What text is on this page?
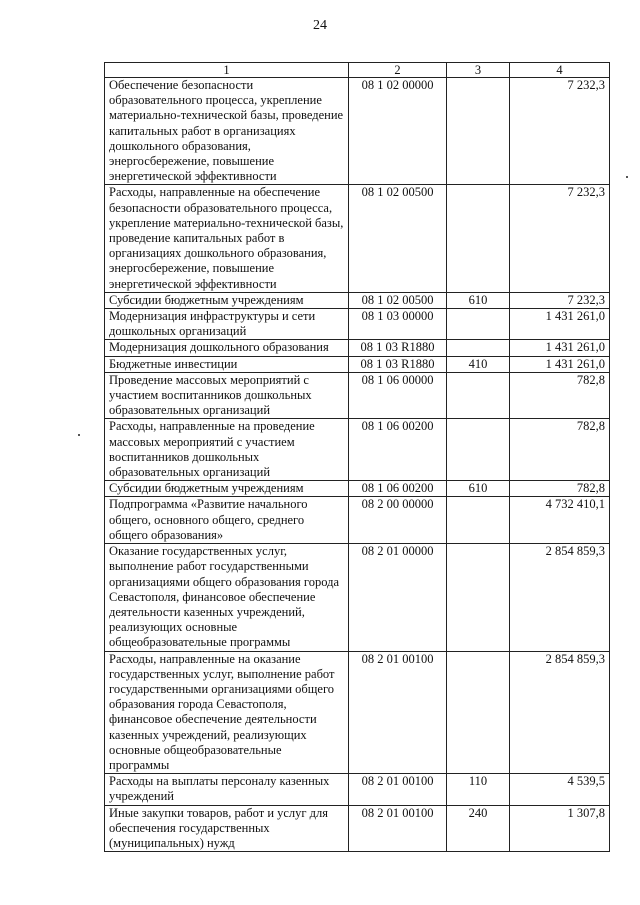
24
1	2	3	4
Обеспечение безопасности образовательного процесса, укрепление материально-технической базы, проведение капитальных работ в организациях дошкольного образования, энергосбережение, повышение энергетической эффективности	08 1 02 00000		7 232,3
Расходы, направленные на обеспечение безопасности образовательного процесса, укрепление материально-технической базы, проведение капитальных работ в организациях дошкольного образования, энергосбережение, повышение энергетической эффективности	08 1 02 00500		7 232,3
Субсидии бюджетным учреждениям	08 1 02 00500	610	7 232,3
Модернизация инфраструктуры и сети дошкольных организаций	08 1 03 00000		1 431 261,0
Модернизация дошкольного образования	08 1 03 R1880		1 431 261,0
Бюджетные инвестиции	08 1 03 R1880	410	1 431 261,0
Проведение массовых мероприятий с участием воспитанников дошкольных образовательных организаций	08 1 06 00000		782,8
Расходы, направленные на проведение массовых мероприятий с участием воспитанников дошкольных образовательных организаций	08 1 06 00200		782,8
Субсидии бюджетным учреждениям	08 1 06 00200	610	782,8
Подпрограмма «Развитие начального общего, основного общего, среднего общего образования»	08 2 00 00000		4 732 410,1
Оказание государственных услуг, выполнение работ государственными организациями общего образования города Севастополя, финансовое обеспечение деятельности казенных учреждений, реализующих основные общеобразовательные программы	08 2 01 00000		2 854 859,3
Расходы, направленные на оказание государственных услуг, выполнение работ государственными организациями общего образования города Севастополя, финансовое обеспечение деятельности казенных учреждений, реализующих основные общеобразовательные программы	08 2 01 00100		2 854 859,3
Расходы на выплаты персоналу казенных учреждений	08 2 01 00100	110	4 539,5
Иные закупки товаров, работ и услуг для обеспечения государственных (муниципальных) нужд	08 2 01 00100	240	1 307,8
